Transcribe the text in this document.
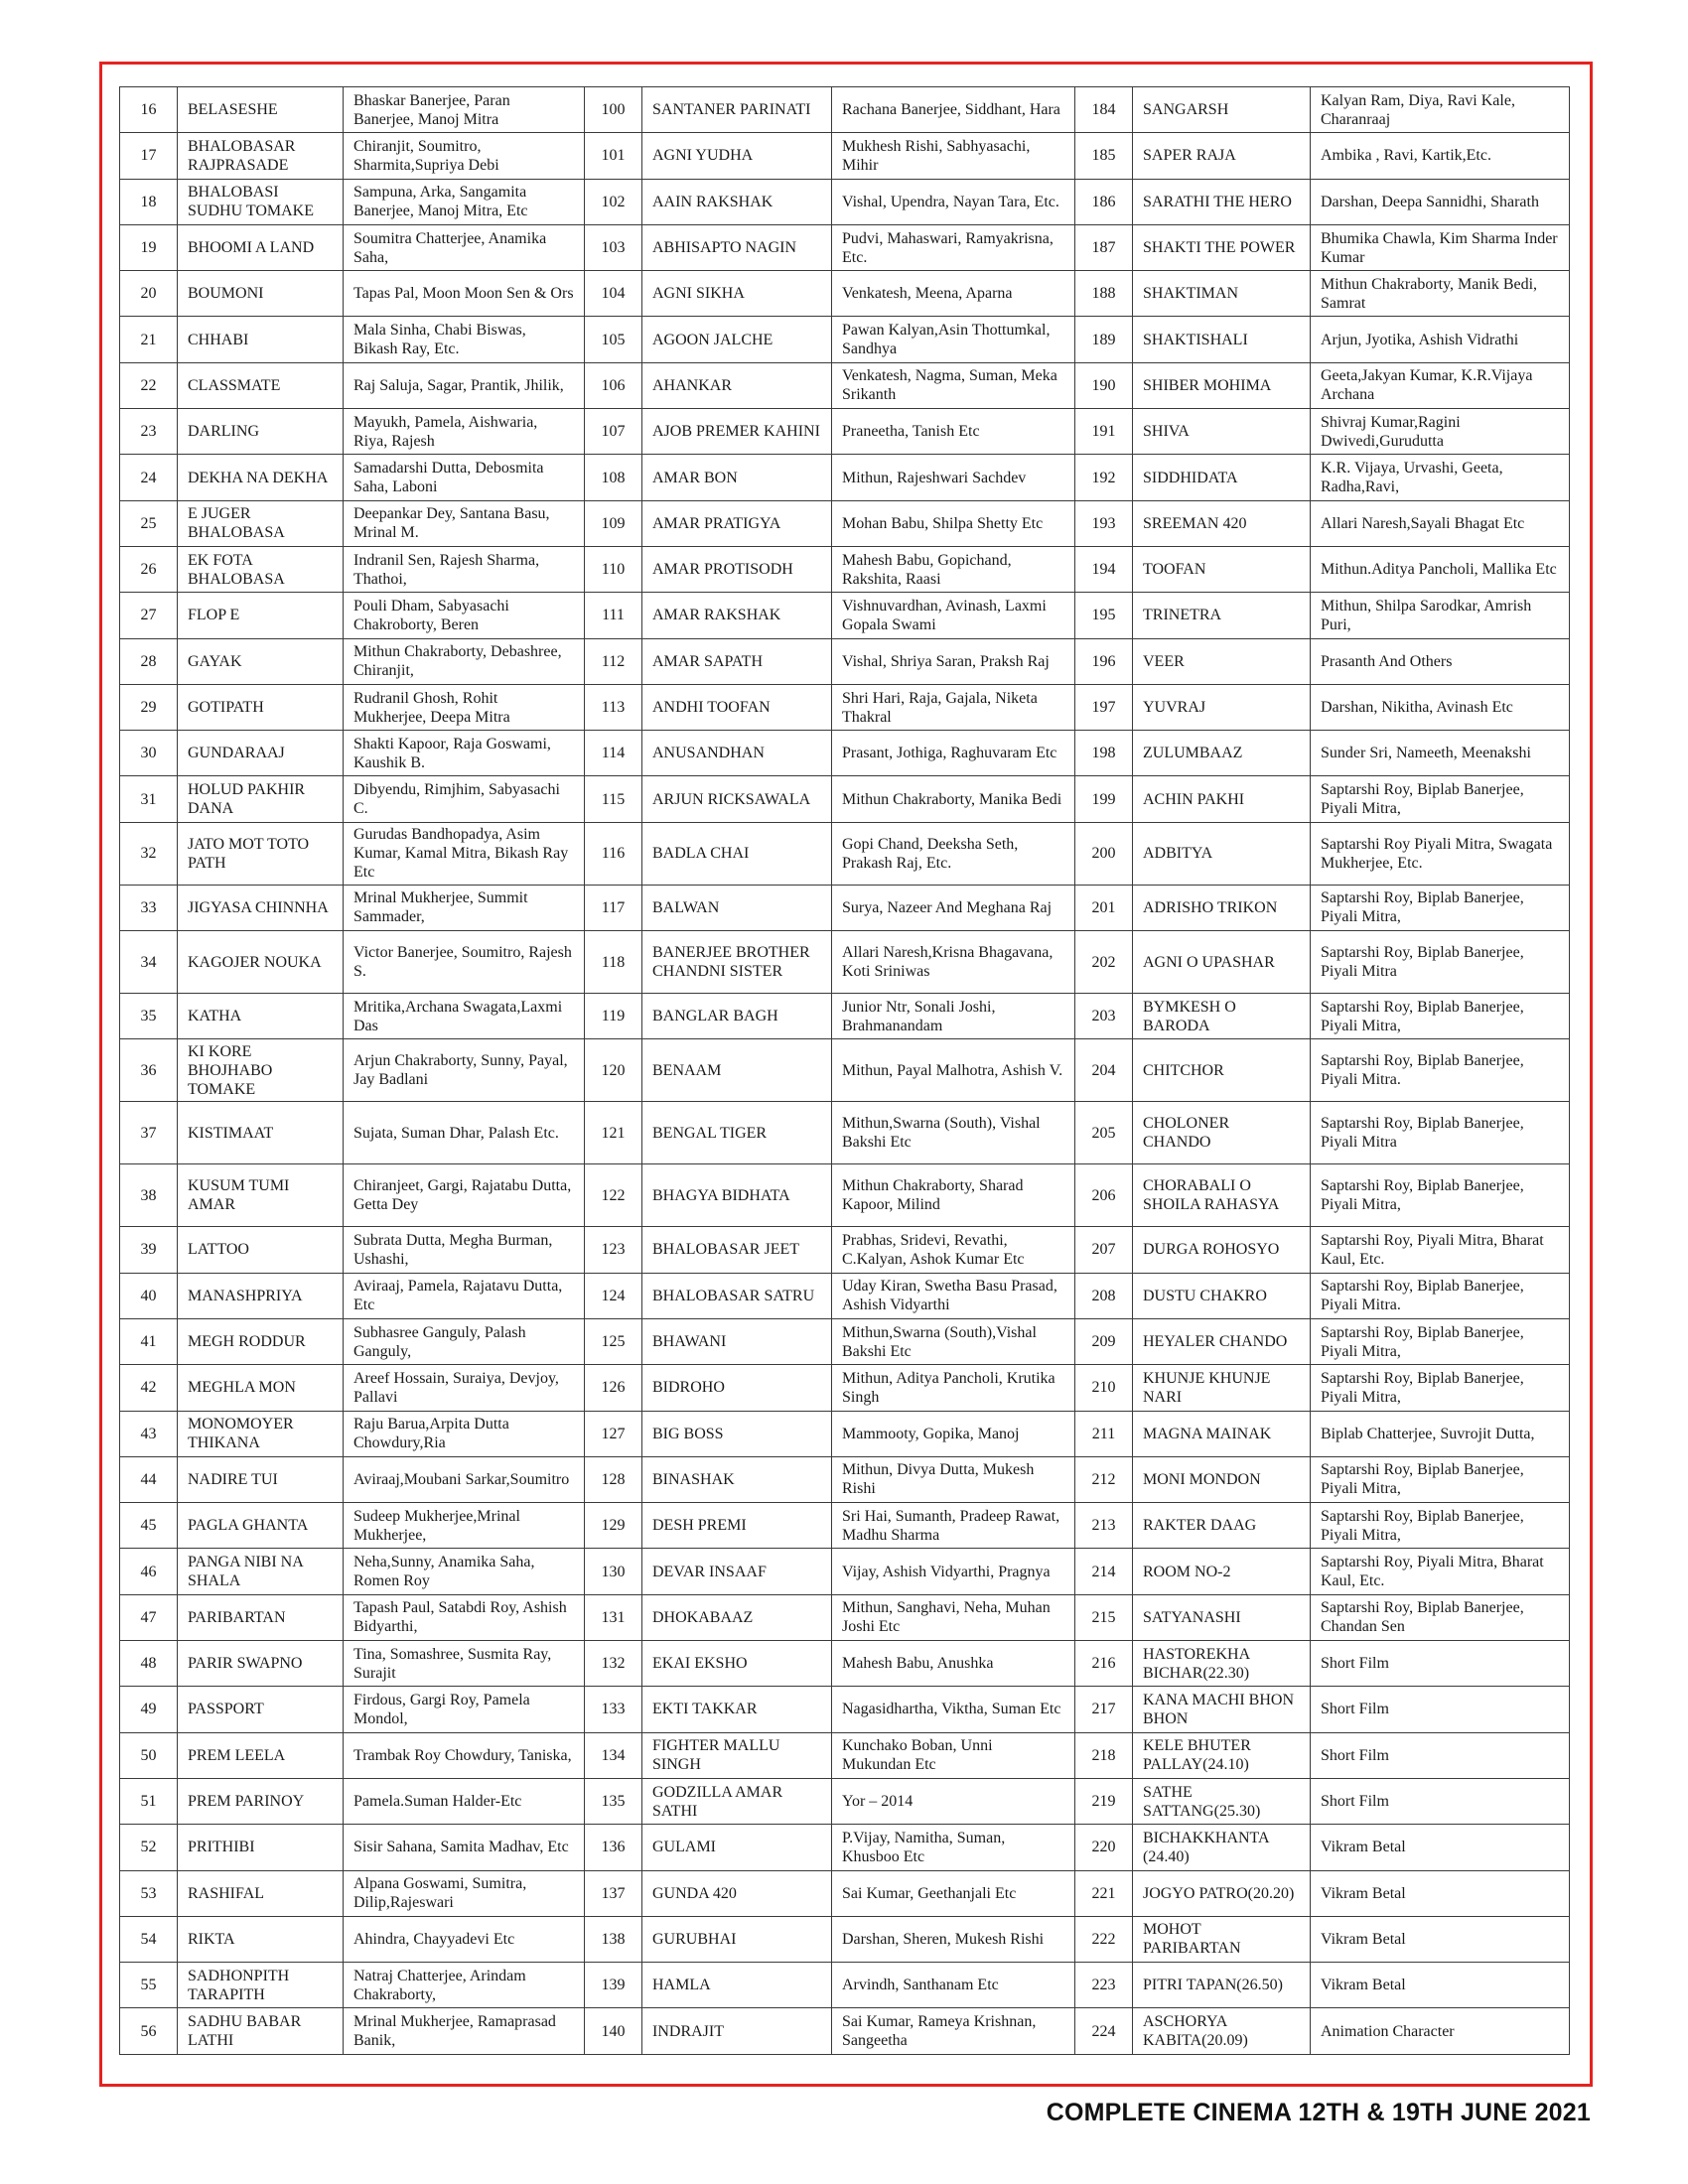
16	BELASESHE	Bhaskar Banerjee, Paran Banerjee, Manoj Mitra	100	SANTANER PARINATI	Rachana Banerjee, Siddhant, Hara	184	SANGARSH	Kalyan Ram, Diya, Ravi Kale, Charanraaj
17	BHALOBASAR RAJPRASADE	Chiranjit, Soumitro, Sharmita,Supriya Debi	101	AGNI YUDHA	Mukhesh Rishi, Sabhyasachi, Mihir	185	SAPER RAJA	Ambika , Ravi, Kartik,Etc.
18	BHALOBASI SUDHU TOMAKE	Sampuna, Arka, Sangamita Banerjee, Manoj Mitra, Etc	102	AAIN RAKSHAK	Vishal, Upendra, Nayan Tara, Etc.	186	SARATHI THE HERO	Darshan, Deepa Sannidhi, Sharath
19	BHOOMI A LAND	Soumitra Chatterjee, Anamika Saha,	103	ABHISAPTO NAGIN	Pudvi, Mahaswari, Ramyakrisna, Etc.	187	SHAKTI THE POWER	Bhumika Chawla, Kim Sharma Inder Kumar
20	BOUMONI	Tapas Pal, Moon Moon Sen & Ors	104	AGNI SIKHA	Venkatesh, Meena, Aparna	188	SHAKTIMAN	Mithun Chakraborty, Manik Bedi, Samrat
21	CHHABI	Mala Sinha, Chabi Biswas, Bikash Ray, Etc.	105	AGOON JALCHE	Pawan Kalyan,Asin Thottumkal, Sandhya	189	SHAKTISHALI	Arjun, Jyotika, Ashish Vidrathi
22	CLASSMATE	Raj Saluja, Sagar, Prantik, Jhilik,	106	AHANKAR	Venkatesh, Nagma, Suman, Meka Srikanth	190	SHIBER MOHIMA	Geeta,Jakyan Kumar, K.R.Vijaya Archana
23	DARLING	Mayukh, Pamela, Aishwaria, Riya, Rajesh	107	AJOB PREMER KAHINI	Praneetha, Tanish Etc	191	SHIVA	Shivraj Kumar,Ragini Dwivedi,Gurudutta
24	DEKHA NA DEKHA	Samadarshi Dutta, Debosmita Saha, Laboni	108	AMAR BON	Mithun, Rajeshwari Sachdev	192	SIDDHIDATA	K.R. Vijaya, Urvashi, Geeta, Radha,Ravi,
25	E JUGER BHALOBASA	Deepankar Dey, Santana Basu, Mrinal M.	109	AMAR PRATIGYA	Mohan Babu, Shilpa Shetty Etc	193	SREEMAN 420	Allari Naresh,Sayali Bhagat Etc
26	EK FOTA BHALOBASA	Indranil Sen, Rajesh Sharma, Thathoi,	110	AMAR PROTISODH	Mahesh Babu, Gopichand, Rakshita, Raasi	194	TOOFAN	Mithun.Aditya Pancholi, Mallika Etc
27	FLOP E	Pouli Dham, Sabyasachi Chakroborty, Beren	111	AMAR RAKSHAK	Vishnuvardhan, Avinash, Laxmi Gopala Swami	195	TRINETRA	Mithun, Shilpa Sarodkar, Amrish Puri,
28	GAYAK	Mithun Chakraborty, Debashree, Chiranjit,	112	AMAR SAPATH	Vishal, Shriya Saran, Praksh Raj	196	VEER	Prasanth And Others
29	GOTIPATH	Rudranil Ghosh, Rohit Mukherjee, Deepa Mitra	113	ANDHI TOOFAN	Shri Hari, Raja, Gajala, Niketa Thakral	197	YUVRAJ	Darshan, Nikitha, Avinash Etc
30	GUNDARAAJ	Shakti Kapoor, Raja Goswami, Kaushik B.	114	ANUSANDHAN	Prasant, Jothiga, Raghuvaram Etc	198	ZULUMBAAZ	Sunder Sri, Nameeth, Meenakshi
31	HOLUD PAKHIR DANA	Dibyendu, Rimjhim, Sabyasachi C.	115	ARJUN RICKSAWALA	Mithun Chakraborty, Manika Bedi	199	ACHIN PAKHI	Saptarshi Roy, Biplab Banerjee, Piyali Mitra,
32	JATO MOT TOTO PATH	Gurudas Bandhopadya, Asim Kumar, Kamal Mitra, Bikash Ray Etc	116	BADLA CHAI	Gopi Chand, Deeksha Seth, Prakash Raj, Etc.	200	ADBITYA	Saptarshi Roy Piyali Mitra, Swagata Mukherjee, Etc.
33	JIGYASA CHINNHA	Mrinal Mukherjee, Summit Sammader,	117	BALWAN	Surya, Nazeer And Meghana Raj	201	ADRISHO TRIKON	Saptarshi Roy, Biplab Banerjee, Piyali Mitra,
34	KAGOJER NOUKA	Victor Banerjee, Soumitro, Rajesh S.	118	BANERJEE BROTHER CHANDNI SISTER	Allari Naresh,Krisna Bhagavana, Koti Sriniwas	202	AGNI O UPASHAR	Saptarshi Roy, Biplab Banerjee, Piyali Mitra
35	KATHA	Mritika,Archana Swagata,Laxmi Das	119	BANGLAR BAGH	Junior Ntr, Sonali Joshi, Brahmanandam	203	BYMKESH O BARODA	Saptarshi Roy, Biplab Banerjee, Piyali Mitra,
36	KI KORE BHOJHABO TOMAKE	Arjun Chakraborty, Sunny, Payal, Jay Badlani	120	BENAAM	Mithun, Payal Malhotra, Ashish V.	204	CHITCHOR	Saptarshi Roy, Biplab Banerjee, Piyali Mitra.
37	KISTIMAAT	Sujata, Suman Dhar, Palash Etc.	121	BENGAL TIGER	Mithun,Swarna (South), Vishal Bakshi Etc	205	CHOLONER CHANDO	Saptarshi Roy, Biplab Banerjee, Piyali Mitra
38	KUSUM TUMI AMAR	Chiranjeet, Gargi, Rajatabu Dutta, Getta Dey	122	BHAGYA BIDHATA	Mithun Chakraborty, Sharad Kapoor, Milind	206	CHORABALI O SHOILA RAHASYA	Saptarshi Roy, Biplab Banerjee, Piyali Mitra,
39	LATTOO	Subrata Dutta, Megha Burman, Ushashi,	123	BHALOBASAR JEET	Prabhas, Sridevi, Revathi, C.Kalyan, Ashok Kumar Etc	207	DURGA ROHOSYO	Saptarshi Roy, Piyali Mitra, Bharat Kaul, Etc.
40	MANASHPRIYA	Aviraaj, Pamela, Rajatavu Dutta, Etc	124	BHALOBASAR SATRU	Uday Kiran, Swetha Basu Prasad, Ashish Vidyarthi	208	DUSTU CHAKRO	Saptarshi Roy, Biplab Banerjee, Piyali Mitra.
41	MEGH RODDUR	Subhasree Ganguly, Palash Ganguly,	125	BHAWANI	Mithun,Swarna (South),Vishal Bakshi Etc	209	HEYALER CHANDO	Saptarshi Roy, Biplab Banerjee, Piyali Mitra,
42	MEGHLA MON	Areef Hossain, Suraiya, Devjoy, Pallavi	126	BIDROHO	Mithun, Aditya Pancholi, Krutika Singh	210	KHUNJE KHUNJE NARI	Saptarshi Roy, Biplab Banerjee, Piyali Mitra,
43	MONOMOYER THIKANA	Raju Barua,Arpita Dutta Chowdury,Ria	127	BIG BOSS	Mammooty, Gopika, Manoj	211	MAGNA MAINAK	Biplab Chatterjee, Suvrojit Dutta,
44	NADIRE TUI	Aviraaj,Moubani Sarkar,Soumitro	128	BINASHAK	Mithun, Divya Dutta, Mukesh Rishi	212	MONI MONDON	Saptarshi Roy, Biplab Banerjee, Piyali Mitra,
45	PAGLA GHANTA	Sudeep Mukherjee,Mrinal Mukherjee,	129	DESH PREMI	Sri Hai, Sumanth, Pradeep Rawat, Madhu Sharma	213	RAKTER DAAG	Saptarshi Roy, Biplab Banerjee, Piyali Mitra,
46	PANGA NIBI NA SHALA	Neha,Sunny, Anamika Saha, Romen Roy	130	DEVAR INSAAF	Vijay, Ashish Vidyarthi, Pragnya	214	ROOM NO-2	Saptarshi Roy, Piyali Mitra, Bharat Kaul, Etc.
47	PARIBARTAN	Tapash Paul, Satabdi Roy, Ashish Bidyarthi,	131	DHOKABAAZ	Mithun, Sanghavi, Neha, Muhan Joshi Etc	215	SATYANASHI	Saptarshi Roy, Biplab Banerjee, Chandan Sen
48	PARIR SWAPNO	Tina, Somashree, Susmita Ray, Surajit	132	EKAI EKSHO	Mahesh Babu, Anushka	216	HASTOREKHA BICHAR(22.30)	Short Film
49	PASSPORT	Firdous, Gargi Roy, Pamela Mondol,	133	EKTI TAKKAR	Nagasidhartha, Viktha, Suman Etc	217	KANA MACHI BHON BHON	Short Film
50	PREM LEELA	Trambak Roy Chowdury, Taniska,	134	FIGHTER MALLU SINGH	Kunchako Boban, Unni Mukundan Etc	218	KELE BHUTER PALLAY(24.10)	Short Film
51	PREM PARINOY	Pamela.Suman Halder-Etc	135	GODZILLA AMAR SATHI	Yor – 2014	219	SATHE SATTANG(25.30)	Short Film
52	PRITHIBI	Sisir Sahana, Samita Madhav, Etc	136	GULAMI	P.Vijay, Namitha, Suman, Khusboo Etc	220	BICHAKKHANTA (24.40)	Vikram Betal
53	RASHIFAL	Alpana Goswami, Sumitra, Dilip,Rajeswari	137	GUNDA 420	Sai Kumar, Geethanjali Etc	221	JOGYO PATRO(20.20)	Vikram Betal
54	RIKTA	Ahindra, Chayyadevi Etc	138	GURUBHAI	Darshan, Sheren, Mukesh Rishi	222	MOHOT PARIBARTAN	Vikram Betal
55	SADHONPITH TARAPITH	Natraj Chatterjee, Arindam Chakraborty,	139	HAMLA	Arvindh, Santhanam Etc	223	PITRI TAPAN(26.50)	Vikram Betal
56	SADHU BABAR LATHI	Mrinal Mukherjee, Ramaprasad Banik,	140	INDRAJIT	Sai Kumar, Rameya Krishnan, Sangeetha	224	ASCHORYA KABITA(20.09)	Animation Character
COMPLETE CINEMA 12TH & 19TH JUNE 2021
